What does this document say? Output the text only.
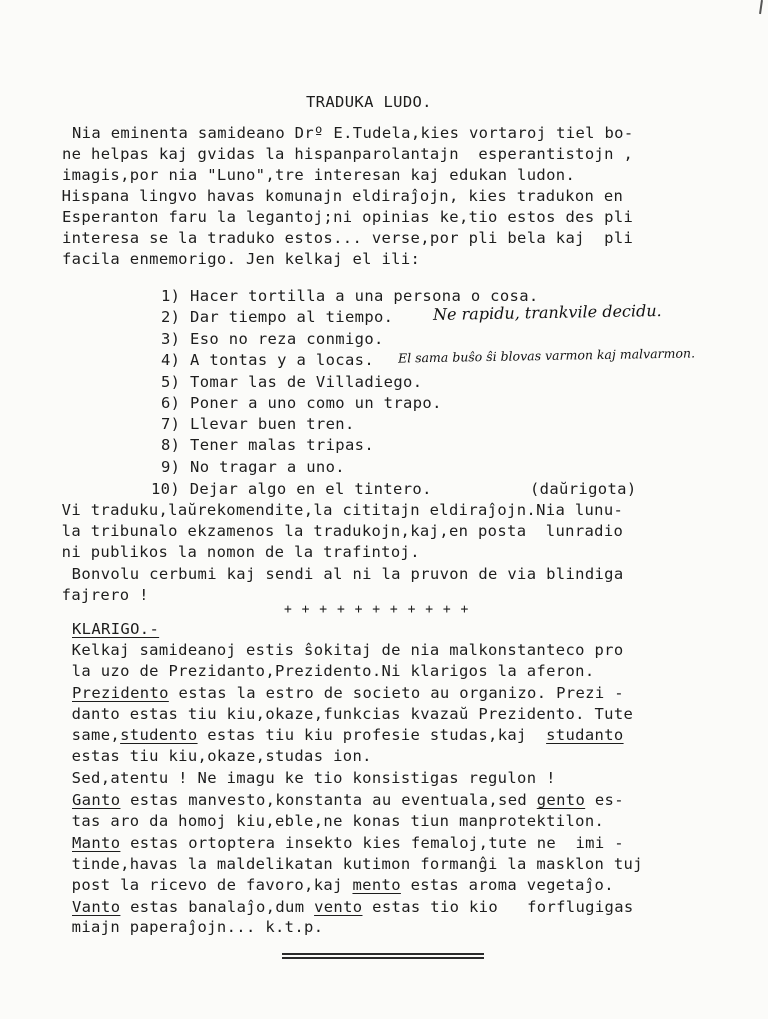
TRADUKA LUDO.
Nia eminenta samideano Drº E.Tudela,kies vortaroj tiel bo-
ne helpas kaj gvidas la hispanparolantajn  esperantistojn ,
imagis,por nia "Luno",tre interesan kaj edukan ludon.
Hispana lingvo havas komunajn eldiraĵojn, kies tradukon en
Esperanton faru la legantoj;ni opinias ke,tio estos des pli
interesa se la traduko estos... verse,por pli bela kaj  pli
facila enmemorigo. Jen kelkaj el ili:
1) Hacer tortilla a una persona o cosa.
2) Dar tiempo al tiempo. Ne rapidu, trankvile decidu.
3) Eso no reza conmigo.
4) A tontas y a locas. El sama buŝo ŝi blovas varmon kaj malvarmon.
5) Tomar las de Villadiego.
6) Poner a uno como un trapo.
7) Llevar buen tren.
8) Tener malas tripas.
9) No tragar a uno.
10) Dejar algo en el tintero.	(daŭrigota)
Vi traduku,laŭrekomendite,la cititajn eldiraĵojn.Nia lunu-
la tribunalo ekzamenos la tradukojn,kaj,en posta  lunradio
ni publikos la nomon de la trafintoj.
Bonvolu cerbumi kaj sendi al ni la pruvon de via blindiga
fajrero !
+ + + + + + + + + + +
KLARIGO.-
Kelkaj samideanoj estis ŝokitaj de nia malkonstanteco pro
la uzo de Prezidanto,Prezidento.Ni klarigos la aferon.
Prezidento estas la estro de societo au organizo. Prezi -
danto estas tiu kiu,okaze,funkcias kvazaŭ Prezidento. Tute
same,studento estas tiu kiu profesie studas,kaj  studanto
estas tiu kiu,okaze,studas ion.
Sed,atentu ! Ne imagu ke tio konsistigas regulon !
Ganto estas manvesto,konstanta au eventuala,sed gento es-
tas aro da homoj kiu,eble,ne konas tiun manprotektilon.
Manto estas ortoptera insekto kies femaloj,tute ne  imi -
tinde,havas la maldelikatan kutimon formanĝi la masklon tuj
post la ricevo de favoro,kaj mento estas aroma vegetaĵo.
Vanto estas banalaĵo,dum vento estas tio kio   forflugigas
miajn paperaĵojn... k.t.p.
